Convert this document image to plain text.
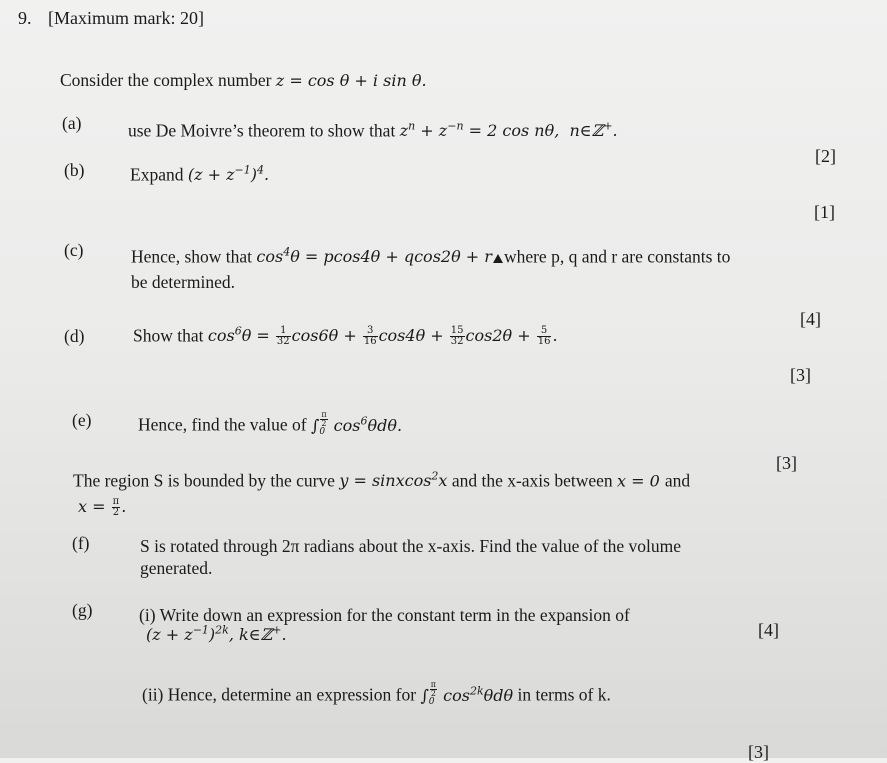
9. [Maximum mark: 20]
Consider the complex number z = cos θ + i sin θ.
(a)	use De Moivre’s theorem to show that $z^n + z^{-n} = 2$ cos nθ,  n∈ℤ+.
[2]
(b)	Expand $(z + z^{-1})^4$.
[1]
(c)	Hence, show that $\cos^4\theta = pcos4\theta + qcos2\theta + r$ where p, q and r are constants to
be determined.
[4]
(d)	Show that $\cos^6\theta = \frac{1}{32} \cos 6\theta + \frac{3}{16} \cos 4\theta + \frac{15}{32} \cos 2\theta + \frac{5}{16}$ .
[3]
(e)	Hence, find the value of ∫
π
2
0 $\cos^6\theta d\theta$.
[3]
The region S is bounded by the curve y = sinxcos$^2$x and the x-axis between x = 0 and
$x = \frac{\pi}{2}$ .
(f)	S is rotated through 2π radians about the x-axis. Find the value of the volume
generated.
[4]
(g)	(i) Write down an expression for the constant term in the expansion of
$(z + z^{-1})^{2k}$, k∈ℤ+.
(ii) Hence, determine an expression for ∫
π
2
0 $\cos^{2k}\theta d\theta$ in terms of k.
[3]
